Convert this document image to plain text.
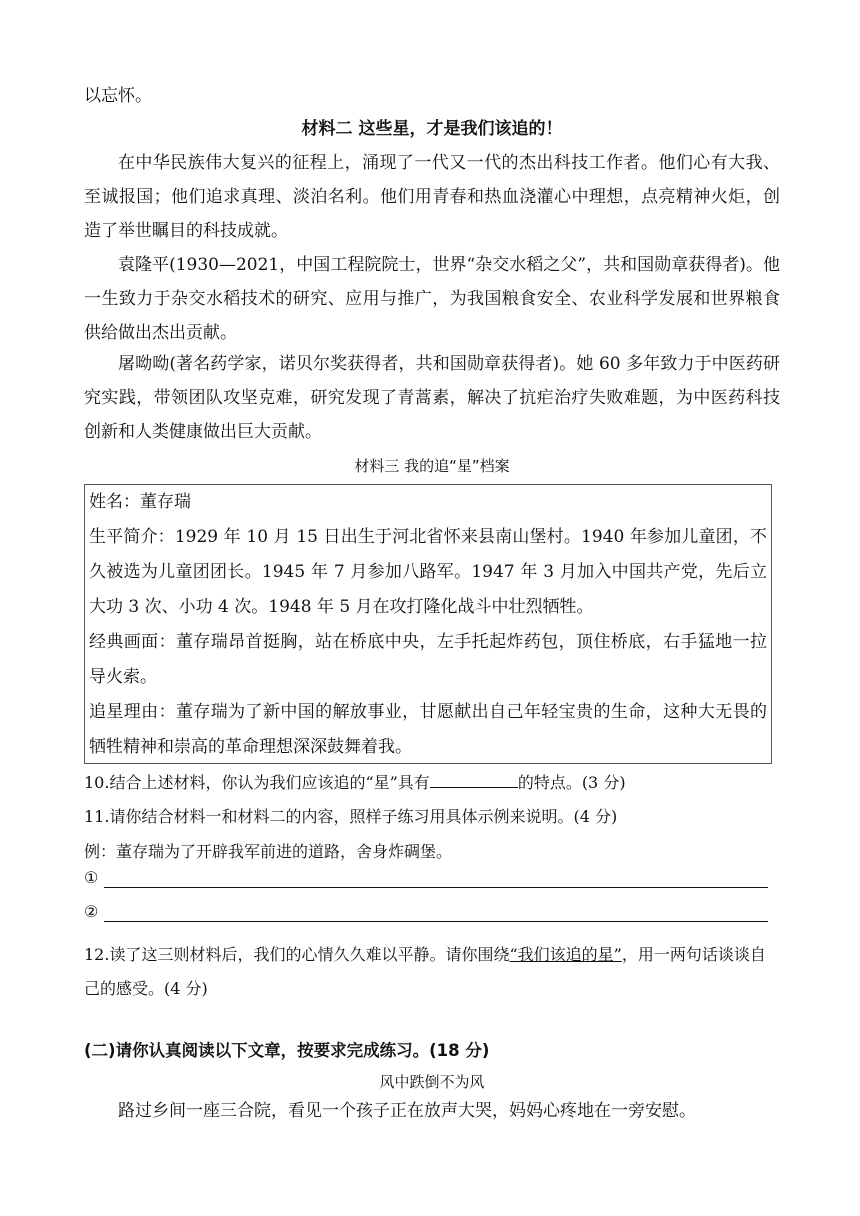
以忘怀。
材料二 这些星，才是我们该追的！
在中华民族伟大复兴的征程上，涌现了一代又一代的杰出科技工作者。他们心有大我、至诚报国；他们追求真理、淡泊名利。他们用青春和热血浇灌心中理想，点亮精神火炬，创造了举世瞩目的科技成就。
袁隆平(1930—2021，中国工程院院士，世界“杂交水稻之父”，共和国勋章获得者)。他一生致力于杂交水稻技术的研究、应用与推广，为我国粮食安全、农业科学发展和世界粮食供给做出杰出贡献。
屠呦呦(著名药学家，诺贝尔奖获得者，共和国勋章获得者)。她 60 多年致力于中医药研究实践，带领团队攻坚克难，研究发现了青蒿素，解决了抗疟治疗失败难题，为中医药科技创新和人类健康做出巨大贡献。
材料三 我的追“星”档案
姓名：董存瑞
生平简介：1929 年 10 月 15 日出生于河北省怀来县南山堡村。1940 年参加儿童团，不久被选为儿童团团长。1945 年 7 月参加八路军。1947 年 3 月加入中国共产党，先后立大功 3 次、小功 4 次。1948 年 5 月在攻打隆化战斗中壮烈牺牲。
经典画面：董存瑞昂首挺胸，站在桥底中央，左手托起炸药包，顶住桥底，右手猛地一拉导火索。
追星理由：董存瑞为了新中国的解放事业，甘愿献出自己年轻宝贵的生命，这种大无畏的牺牲精神和崇高的革命理想深深鼓舞着我。
10.结合上述材料，你认为我们应该追的“星”具有	的特点。(3 分)
11.请你结合材料一和材料二的内容，照样子练习用具体示例来说明。(4 分)
例：董存瑞为了开辟我军前进的道路，舍身炸碉堡。
①
②
12.读了这三则材料后，我们的心情久久难以平静。请你围绕“我们该追的星”，用一两句话谈谈自己的感受。(4 分)
(二)请你认真阅读以下文章，按要求完成练习。(18 分)
风中跌倒不为风
路过乡间一座三合院，看见一个孩子正在放声大哭，妈妈心疼地在一旁安慰。
